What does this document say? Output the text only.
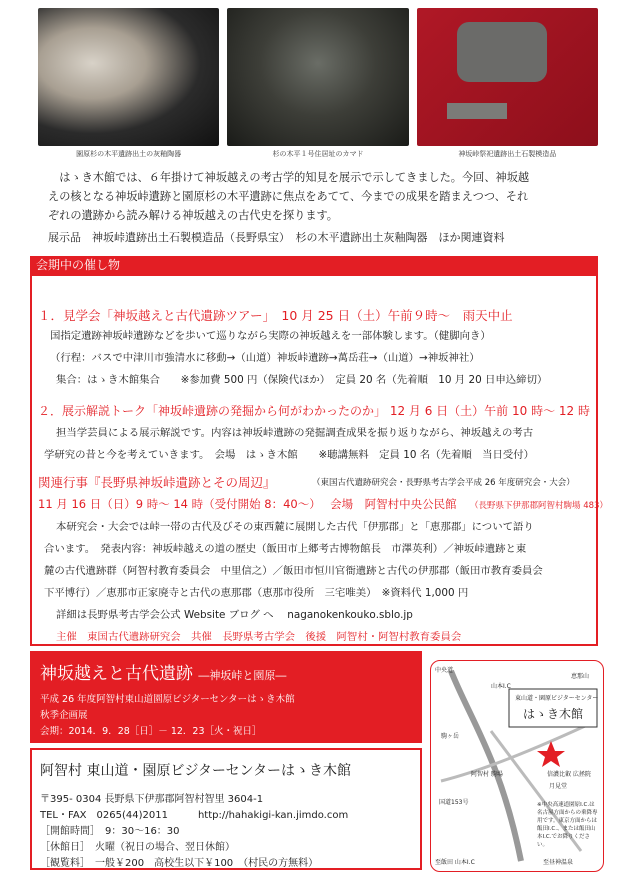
園原杉の木平遺跡出土の灰釉陶器	杉の木平１号住居址のカマド	神坂峠祭祀遺跡出土石製模造品
　はゝき木館では、６年掛けて神坂越えの考古学的知見を展示で示してきました。今回、神坂越
えの核となる神坂峠遺跡と園原杉の木平遺跡に焦点をあてて、今までの成果を踏まえつつ、それ
ぞれの遺跡から読み解ける神坂越えの古代史を探ります。
展示品　神坂峠遺跡出土石製模造品（長野県宝）　杉の木平遺跡出土灰釉陶器　ほか関連資料
会期中の催し物
１．見学会「神坂越えと古代遺跡ツアー」　10 月 25 日（土）午前９時～　雨天中止
国指定遺跡神坂峠遺跡などを歩いて巡りながら実際の神坂越えを一部体験します。（健脚向き）
（行程：バスで中津川市強清水に移動→（山道）神坂峠遺跡→萬岳荘→（山道）→神坂神社）
集合：はゝき木館集合　　※参加費 500 円（保険代ほか）　定員 20 名（先着順　10 月 20 日申込締切）
２．展示解説トーク「神坂峠遺跡の発掘から何がわかったのか」 12 月 6 日（土）午前 10 時～ 12 時
担当学芸員による展示解説です。内容は神坂峠遺跡の発掘調査成果を振り返りながら、神坂越えの考古
学研究の昔と今を考えていきます。　会場　はゝき木館　　※聴講無料　定員 10 名（先着順　当日受付）
関連行事『長野県神坂峠遺跡とその周辺』	（東国古代遺跡研究会・長野県考古学会平成 26 年度研究会・大会）
11 月 16 日（日）9 時～ 14 時（受付開始 8：40～）　 会場　阿智村中央公民館 （長野県下伊那郡阿智村駒場 483）
本研究会・大会では峠一帯の古代及びその東西麓に展開した古代「伊那郡」と「恵那郡」について語り
合います。　発表内容：神坂峠越えの道の歴史（飯田市上郷考古博物館長　市澤英利）／神坂峠遺跡と東
麓の古代遺跡群（阿智村教育委員会　中里信之）／飯田市恒川官衙遺跡と古代の伊那郡（飯田市教育委員会
下平博行）／恵那市正家廃寺と古代の恵那郡（恵那市役所　三宅唯美）　※資料代 1,000 円
詳細は長野県考古学会公式 Website ブログ へ　 naganokenkoukо.sblo.jp
主催　東国古代遺跡研究会　共催　長野県考古学会　後援　阿智村・阿智村教育委員会
神坂越えと古代遺跡 ―神坂峠と園原―
平成 26 年度阿智村東山道園原ビジターセンターはゝき木館
秋季企画展
会期：2014．9．28［日］－ 12．23［火・祝日］
阿智村 東山道・園原ビジターセンターはゝき木館
〒395- 0304 長野県下伊那郡阿智村智里 3604-1
TEL・FAX　0265(44)2011　　　http://hahakigi-kan.jimdo.com
［開館時間］　9：30～16：30
［休館日］　火曜（祝日の場合、翌日休館）
［観覧料］　一般￥200　高校生以下￥100　（村民の方無料）
東山道・園原ビジターセンター
はゝき木館
中央道
恵那山
山本I.C
駒ヶ岳
国道153号
月見堂
信濃比叡 広拯院
阿智村 駒場
至飯田 山本I.C	至昼神温泉
※中央高速道園原I.C.は名古屋方面からの乗降専用です。東京方面からは飯田I.C.、または飯田山本I.C.でお降りください。
